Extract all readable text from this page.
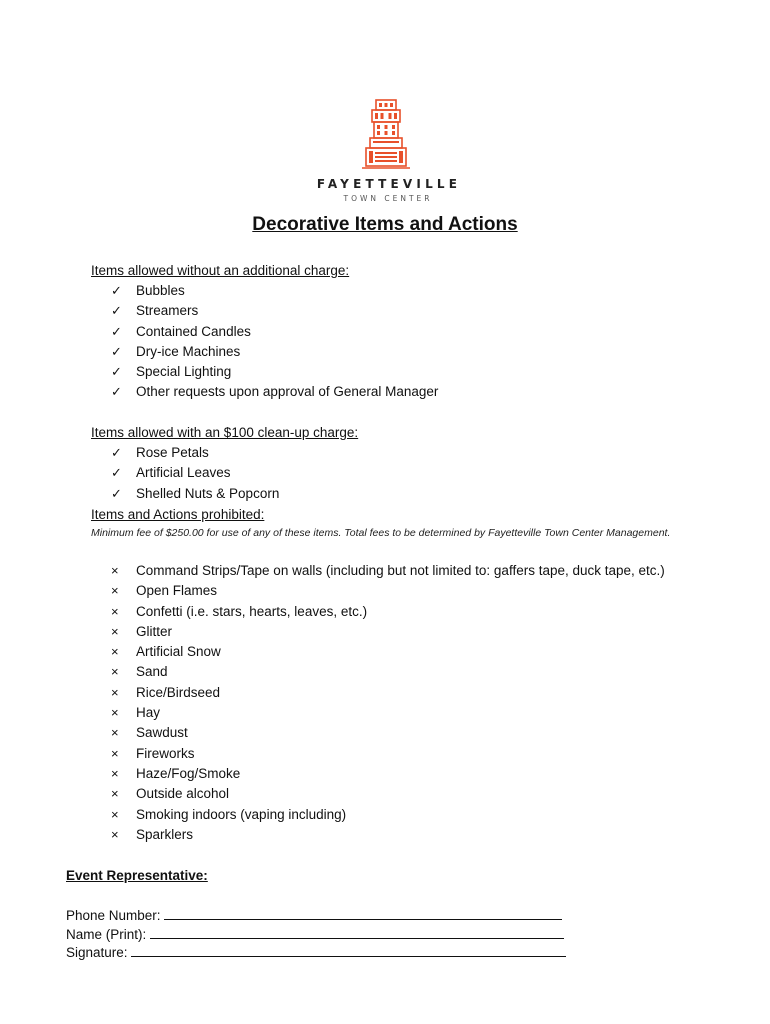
FAYETTEVILLE
TOWN CENTER
Decorative Items and Actions
Items allowed without an additional charge:
✓ Bubbles
✓ Streamers
✓ Contained Candles
✓ Dry-ice Machines
✓ Special Lighting
✓ Other requests upon approval of General Manager
Items allowed with an $100 clean-up charge:
✓ Rose Petals
✓ Artificial Leaves
✓ Shelled Nuts & Popcorn
Items and Actions prohibited:
Minimum fee of $250.00 for use of any of these items. Total fees to be determined by Fayetteville Town Center Management.
× Command Strips/Tape on walls (including but not limited to: gaffers tape, duck tape, etc.)
× Open Flames
× Confetti (i.e. stars, hearts, leaves, etc.)
× Glitter
× Artificial Snow
× Sand
× Rice/Birdseed
× Hay
× Sawdust
× Fireworks
× Haze/Fog/Smoke
× Outside alcohol
× Smoking indoors (vaping including)
× Sparklers
Event Representative:
Phone Number:
Name (Print):
Signature:
